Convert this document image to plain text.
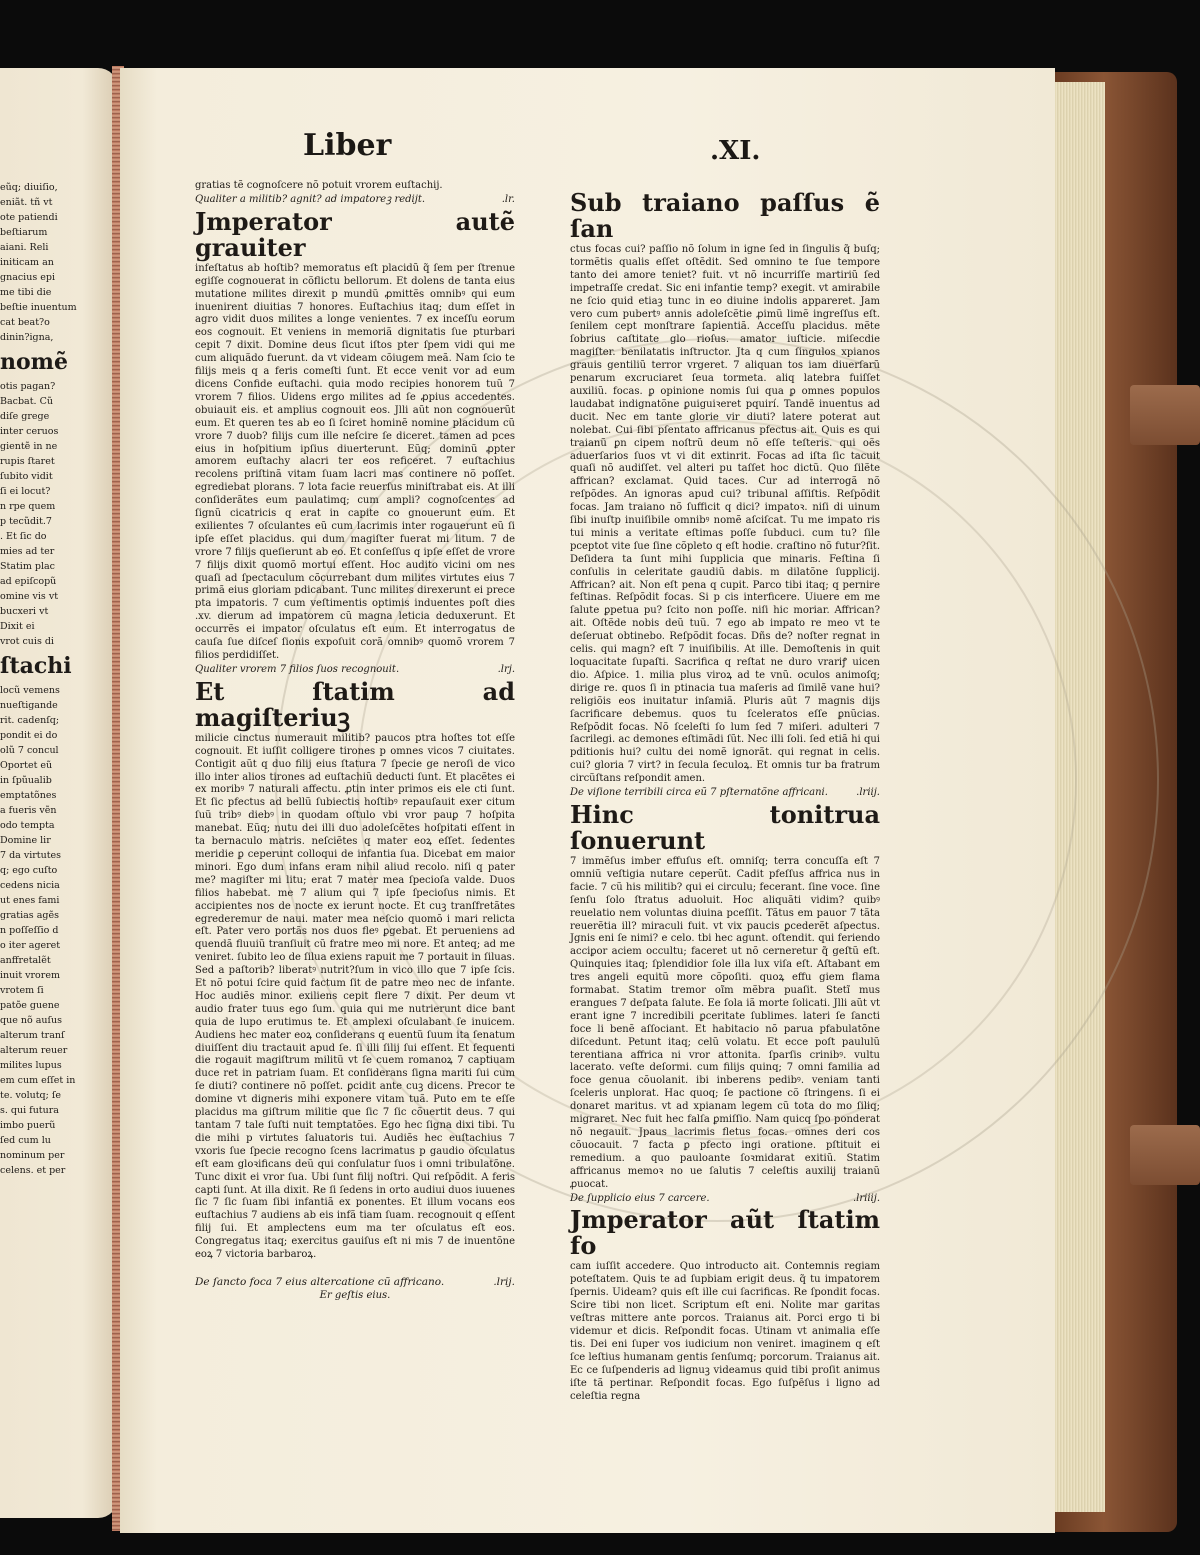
eũq; diuiſio,
eniãt. tñ vt
ote patiendi
beſtiarum
aiani. Reli
initicam an
gnacius epi
me tibi die
beſtie inuentum
cat beat?o
dinin?igna,
nomẽ
otis pagan?
Bacbat. Cũ
diſe grege
inter ceruos
gientẽ in ne
rupis ſtaret
ſubito vidit
ſi ei locut?
n rpe quem
p tecũdit.7
. Et ſic do
mies ad ter
Statim plac
ad epiſcopũ
omine vis vt
bucxeri vt
Dixit ei
vrot cuis di
ſtachi
locũ vemens
nueſtigande
rit. cadenſq;
pondit ei do
olũ 7 concul
Oportet eũ
in ſpũualib
emptatõnes
a fueris vẽn
odo tempta
Domine lir
7 da virtutes
q; ego cuſto
cedens nicia
ut enes fami
gratias agẽs
n poſſeſſio d
o iter ageret
anffretalẽt
inuit vrorem
vrotem ſi
patõe guene
que nõ auſus
alterum tranſ
alterum reuer
milites lupus
em cum eſſet in
te. volutq; ſe
s. qui futura
imbo puerũ
ſed cum lu
nominum per
celens. et per
Liber	.XI.

gratias tẽ cognoſcere nõ potuit vrorem euſtachij.

Qualiter a militib? agnit? ad impatoreꝫ redijt.	.lr.
Jmperator autẽ grauiter

infeſtatus ab hoſtib? memoratus eſt placidũ q̃ ſem per ſtrenue egiſſe cognouerat in cõflictu bellorum. Et dolens de tanta eius mutatione milites direxit p mundũ ꝓmittẽs omnibꝰ qui eum inuenirent diuitias 7 honores. Euſtachius itaq; dum eſſet in agro vidit duos milites a longe venientes. 7 ex inceſſu eorum eos cognouit. Et veniens in memoriã dignitatis ſue pturbari cepit 7 dixit. Domine deus ſicut iſtos pter ſpem vidi qui me cum aliquãdo fuerunt. da vt videam cõiugem meã. Nam ſcio te filijs meis q a feris comeſti ſunt. Et ecce venit vor ad eum dicens Confide euſtachi. quia modo recipies honorem tuũ 7 vrorem 7 filios. Uidens ergo milites ad ſe ꝓpius accedentes. obuiauit eis. et amplius cognouit eos. Jlli aũt non cognouerũt eum. Et queren tes ab eo ſi ſciret hominẽ nomine placidum cũ vrore 7 duob? filijs cum ille neſcire ſe diceret. tamen ad pces eius in hoſpitium ipſius diuerterunt. Eũq; dominũ ꝓpter amorem euſtachy alacri ter eos reficeret. 7 euſtachius recolens priſtinã vitam ſuam lacri mas continere nõ poſſet. egrediebat plorans. 7 lota facie reuerſus miniſtrabat eis. At illi conſiderãtes eum paulatimq; cum ampli? cognoſcentes ad ſignũ cicatricis q erat in capite co gnouerunt eum. Et exilientes 7 oſculantes eũ cum lacrimis inter rogauerunt eũ ſi ipſe eſſet placidus. qui dum magiſter fuerat mi litum. 7 de vrore 7 filijs queſierunt ab eo. Et conſeſſus q ipſe eſſet de vrore 7 filijs dixit quomõ mortui eſſent. Hoc audito vicini om nes quaſi ad ſpectaculum cõcurrebant dum milites virtutes eius 7 primã eius gloriam pdicabant. Tunc milites direxerunt ei prece pta impatoris. 7 cum veſtimentis optimis induentes poſt dies .xv. dierum ad impatorem cũ magna leticia deduxerunt. Et occurrẽs ei impator oſculatus eſt eum. Et interrogatus de cauſa ſue diſceſ ſionis expoſuit corã omnibꝰ quomõ vrorem 7 filios perdidiſſet.

Qualiter vrorem 7 filios ſuos recognouit.	.lrj.
Et ſtatim ad magiſteriuꝫ

milicie cinctus numerauit militib? paucos ptra hoſtes tot eſſe cognouit. Et iuſſit colligere tirones p omnes vicos 7 ciuitates. Contigit aũt q duo filij eius ſtatura 7 ſpecie ge neroſi de vico illo inter alios tirones ad euſtachiũ deducti ſunt. Et placẽtes ei ex moribꝰ 7 naturali affectu. ꝓtin inter primos eis ele cti ſunt. Et ſic pfectus ad bellũ ſubiectis hoſtibꝰ repauſauit exer citum ſuũ tribꝰ diebꝰ in quodam oſtulo vbi vror pauꝑ 7 hoſpita manebat. Eũq; nutu dei illi duo adoleſcẽtes hoſpitati eſſent in ta bernaculo matris. neſciẽtes q mater eoꝝ eſſet. ſedentes meridie ꝑ ceperunt colloqui de infantia ſua. Dicebat em maior minori. Ego dum infans eram nihil aliud recolo. niſi q pater me? magiſter mi litu; erat 7 mater mea ſpecioſa valde. Duos filios habebat. me 7 alium qui 7 ipſe ſpecioſus nimis. Et accipientes nos de nocte ex ierunt nocte. Et cuꝫ tranſfretãtes egrederemur de naui. mater mea neſcio quomõ i mari relicta eſt. Pater vero portãs nos duos fleꝰ ꝑgebat. Et perueniens ad quendã fluuiũ tranſiuit cũ fratre meo mi nore. Et anteq; ad me veniret. ſubito leo de ſilua exiens rapuit me 7 portauit in ſiluas. Sed a paſtorib? liberatꝰ nutrit?ſum in vico illo que 7 ipſe ſcis. Et nõ potui ſcire quid factum ſit de patre meo nec de infante. Hoc audiẽs minor. exiliens cepit flere 7 dixit. Per deum vt audio frater tuus ego ſum. quia qui me nutrierunt dice bant quia de lupo erutimus te. Et amplexi oſculabant ſe inuicem. Audiens hec mater eoꝝ conſiderans q euentũ ſuum ita ſenatum diuiſſent diu tractauit apud ſe. ſi illi ſilij ſui eſſent. Et ſequenti die rogauit magiſtrum militũ vt ſe cuem romanoꝝ 7 captiuam duce ret in patriam ſuam. Et conſiderans ſigna mariti ſui cum ſe diuti? continere nõ poſſet. ꝑcidit ante cuꝫ dicens. Precor te domine vt digneris mihi exponere vitam tuã. Puto em te eſſe placidus ma giſtrum militie que ſic 7 ſic cõuertit deus. 7 qui tantam 7 tale ſuſti nuit temptatões. Ego hec ſigna dixi tibi. Tu die mihi p virtutes ſaluatoris tui. Audiẽs hec euſtachius 7 vxoris ſue ſpecie recogno ſcens lacrimatus p gaudio oſculatus eſt eam gloꝛificans deũ qui conſulatur ſuos i omni tribulatõne. Tunc dixit ei vror ſua. Ubi ſunt filij noſtri. Qui reſpõdit. A feris capti ſunt. At illa dixit. Re ſi ſedens in orto audiui duos iuuenes ſic 7 ſic ſuam ſibi infantiã ex ponentes. Et illum vocans eos euſtachius 7 audiens ab eis infã tiam ſuam. recognouit q eſſent filij ſui. Et amplectens eum ma ter oſculatus eſt eos. Congregatus itaq; exercitus gauiſus eſt ni mis 7 de inuentõne eoꝝ 7 victoria barbaroꝝ.

De ſancto foca 7 eius altercatione cũ affricano.	.lrij.
Er geſtis eius.
Sub traiano paſſus ẽ ſan

ctus focas cui? paſſio nõ ſolum in igne ſed in ſingulis q̃ buſq; tormẽtis qualis eſſet oſtẽdit. Sed omnino te ſue tempore tanto dei amore teniet? fuit. vt nõ incurriſſe martiriũ ſed impetraſſe credat. Sic eni infantie temp? exegit. vt amirabile ne ſcio quid etiaꝫ tunc in eo diuine indolis appareret. Jam vero cum pubertꝰ annis adoleſcẽtie ꝓimũ limẽ ingreſſus eſt. ſenilem cept monſtrare ſapientiã. Acceſſu placidus. mẽte ſobrius caſtitate glo rioſus. amator iuſticie. miſecdie magiſter. benilatatis inſtructor. Jta q cum ſingulos xpianos grauis gentiliũ terror vrgeret. 7 aliquan tos iam diuerſarũ penarum excruciaret ſeua tormeta. aliq latebra fuiſſet auxiliũ. focas. ꝑ opinione nomis ſui qua ꝑ omnes populos laudabat indignatõne ꝑuiguiꝛeret pquirí. Tandẽ inuentus ad ducit. Nec em tante glorie vir diuti? latere poterat aut nolebat. Cui ſibi pſentato affricanus pfectus ait. Quis es qui traianũ ꝑn cipem noſtrũ deum nõ eſſe teſteris. qui oẽs aduerſarios ſuos vt vi dit extinrit. Focas ad iſta ſic tacuit quaſi nõ audiſſet. vel alteri pu taſſet hoc dictũ. Quo ſilẽte affrican? exclamat. Quid taces. Cur ad interrogã nõ reſpõdes. An ignoras apud cui? tribunal aſſiſtis. Reſpõdit focas. Jam traiano nõ ſufficit q dici? impatoꝛ. niſi di uinum ſibi inuſtp inuiſibile omnibꝰ nomẽ aſciſcat. Tu me impato ris tui minis a veritate eſtimas poſſe ſubduci. cum tu? ſile pceptot vite ſue ſine cõpleto q eſt hodie. craſtino nõ futur?ſit. Deſidera ta ſunt mihi ſupplicia que minaris. Feſtina ſi conſulis in celeritate gaudiũ dabis. m dilatõne ſupplicij. Affrican? ait. Non eſt pena q cupit. Parco tibi itaq; q pernire feſtinas. Reſpõdit focas. Si p cis interficere. Uiuere em me ſalute ꝑpetua pu? ſcito non poſſe. niſi hic moriar. Affrican? ait. Oſtẽde nobis deũ tuũ. 7 ego ab impato re meo vt te deſeruat obtinebo. Reſpõdit focas. Dñs de? noſter regnat in celis. qui magn? eſt 7 inuiſibilis. At ille. Demoſtenis in quit loquacitate ſupaſti. Sacrifica q reſtat ne duro vrariꝭ uicen dio. Aſpice. 1. milia plus viroꝝ ad te vnũ. oculos animoſq; dirige re. quos ſi in ptinacia tua maſeris ad ſimilẽ vane hui? religiõis eos inuitatur inſamiã. Pluris aũt 7 magnis dijs ſacrificare debemus. quos tu ſceleratos eſſe ꝑnũcias. Reſpõdit focas. Nõ ſceleſti ſo lum ſed 7 miſeri. adulteri 7 ſacrilegi. ac demones eſtimãdi ſũt. Nec illi ſoli. ſed etiã hi qui pditionis hui? cultu dei nomẽ ignorãt. qui regnat in celis. cui? gloria 7 virt? in ſecula ſeculoꝝ. Et omnis tur ba fratrum circũſtans reſpondit amen.

De viſione terribili circa eũ 7 pſternatõne affricani.	.lriij.
Hinc tonitrua ſonuerunt

7 immẽſus imber effuſus eſt. omniſq; terra concuſſa eſt 7 omniũ veſtigia nutare ceperũt. Cadit pfeſſus affrica nus in facie. 7 cũ his militib? qui ei circulu; fecerant. ſine voce. ſine ſenſu ſolo ſtratus aduoluit. Hoc aliquãti vidim? quibꝰ reuelatio nem voluntas diuina pceſſit. Tãtus em pauor 7 tãta reuerẽtia ill? miraculi fuit. vt vix paucis ꝑcederẽt aſpectus. Jgnis eni ſe nimi? e celo. tbi hec agunt. oſtendit. qui feriendo acciꝑor aciem occultu; faceret ut nõ cerneretur q̃ geſtũ eſt. Quinquies itaq; ſplendidior ſole illa lux viſa eſt. Aſtabant em tres angeli equitũ more cõpoſiti. quoꝝ effu giem flama formabat. Statim tremor oĩm mẽbra puaſit. Stetĩ mus erangues 7 deſpata ſalute. Ee ſola iã morte ſolicati. Jlli aũt vt erant igne 7 incredibili ꝑceritate ſublimes. lateri ſe ſancti foce li benẽ aſſociant. Et habitacio nõ parua pfabulatõne diſcedunt. Petunt itaq; celũ volatu. Et ecce poſt paululũ terentiana affrica ni vror attonita. ſparſis crinibꝰ. vultu lacerato. veſte deſormi. cum filijs quinq; 7 omni familia ad foce genua cõuolanit. ibi inberens pedibꝰ. veniam tanti ſceleris unplorat. Hac quoq; ſe pactione cõ ſtringens. ſi ei donaret maritus. vt ad xpianam legem cũ tota do mo ſiliq; migraret. Nec fuit hec falſa ꝑmiſſio. Nam quicq ſpo ponderat nõ negauit. Jpaus lacrimis fletus focas. omnes deri cos cõuocauit. 7 facta ꝑ pfecto ingi oratione. pſtituit ei remedium. a quo pauloante ſoꝛmidarat exitiũ. Statim affricanus memoꝛ no ue ſalutis 7 celeſtis auxilij traianũ ꝓuocat.

De ſupplicio eius 7 carcere.	.lriiij.
Jmperator aũt ſtatim fo

cam iuſſit accedere. Quo introducto ait. Contemnis regiam poteſtatem. Quis te ad ſupbiam erigit deus. q̃ tu impatorem ſpernis. Uideam? quis eſt ille cui ſacrificas. Re ſpondit focas. Scire tibi non licet. Scriptum eſt eni. Nolite mar garitas veſtras mittere ante porcos. Traianus ait. Porci ergo ti bi videmur et dicis. Reſpondit focas. Utinam vt animalia eſſe tis. Dei eni ſuper vos iudicium non veniret. imaginem q eſt ſce leſtius humanam gentis ſenſumq; porcorum. Traianus ait. Ec ce ſuſpenderis ad lignuꝫ videamus quid tibi proſit animus iſte tã pertinar. Reſpondit focas. Ego ſuſpẽſus i ligno ad celeſtia regna
